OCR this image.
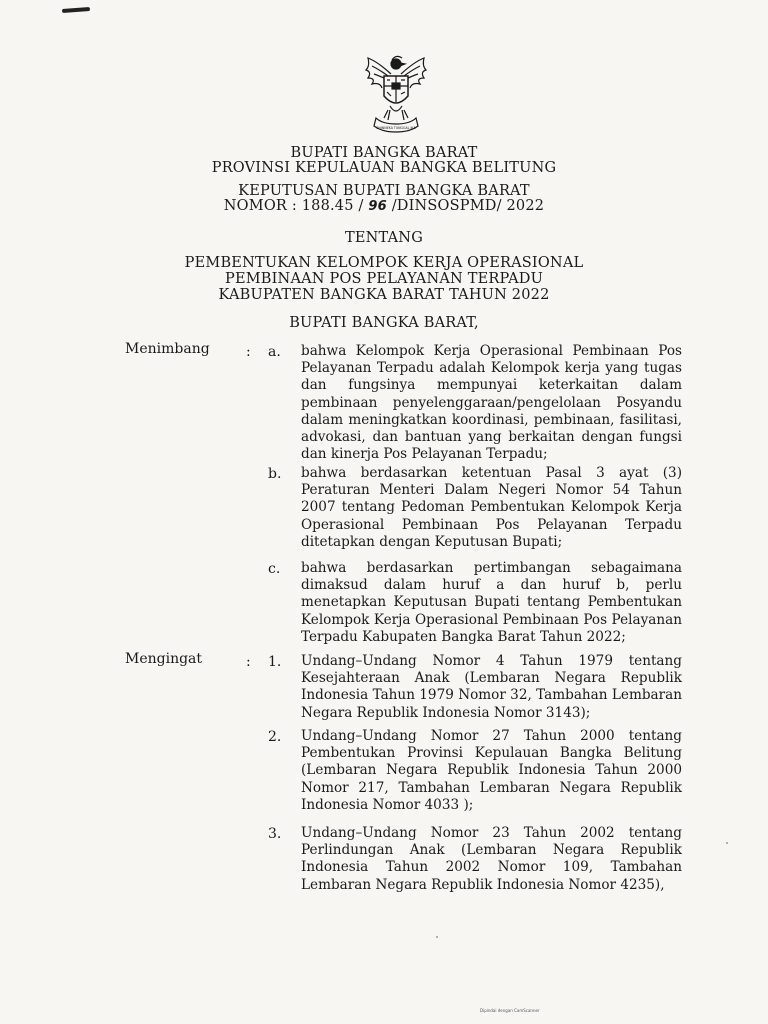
BHINNEKA TUNGGAL IKA
BUPATI BANGKA BARAT
PROVINSI KEPULAUAN BANGKA BELITUNG
KEPUTUSAN BUPATI BANGKA BARAT
NOMOR : 188.45 / 96 /DINSOSPMD/ 2022
TENTANG
PEMBENTUKAN KELOMPOK KERJA OPERASIONAL
PEMBINAAN POS PELAYANAN TERPADU
KABUPATEN BANGKA BARAT TAHUN 2022
BUPATI BANGKA BARAT,
Menimbang	: a.	bahwa Kelompok Kerja Operasional Pembinaan Pos Pelayanan Terpadu adalah Kelompok kerja yang tugas dan fungsinya mempunyai keterkaitan dalam pembinaan penyelenggaraan/pengelolaan Posyandu dalam meningkatkan koordinasi, pembinaan, fasilitasi, advokasi, dan bantuan yang berkaitan dengan fungsi dan kinerja Pos Pelayanan Terpadu;

b.	bahwa berdasarkan ketentuan Pasal 3 ayat (3) Peraturan Menteri Dalam Negeri Nomor 54 Tahun 2007 tentang Pedoman Pembentukan Kelompok Kerja Operasional Pembinaan Pos Pelayanan Terpadu ditetapkan dengan Keputusan Bupati;

c.	bahwa berdasarkan pertimbangan sebagaimana dimaksud dalam huruf a dan huruf b, perlu menetapkan Keputusan Bupati tentang Pembentukan Kelompok Kerja Operasional Pembinaan Pos Pelayanan Terpadu Kabupaten Bangka Barat Tahun 2022;

Mengingat	: 1.	Undang–Undang Nomor 4 Tahun 1979 tentang Kesejahteraan Anak (Lembaran Negara Republik Indonesia Tahun 1979 Nomor 32, Tambahan Lembaran Negara Republik Indonesia Nomor 3143);

2.	Undang–Undang Nomor 27 Tahun 2000 tentang Pembentukan Provinsi Kepulauan Bangka Belitung (Lembaran Negara Republik Indonesia Tahun 2000 Nomor 217, Tambahan Lembaran Negara Republik Indonesia Nomor 4033 );

3.	Undang–Undang Nomor 23 Tahun 2002 tentang Perlindungan Anak (Lembaran Negara Republik Indonesia Tahun 2002 Nomor 109, Tambahan Lembaran Negara Republik Indonesia Nomor 4235),

Dipindai dengan CamScanner
